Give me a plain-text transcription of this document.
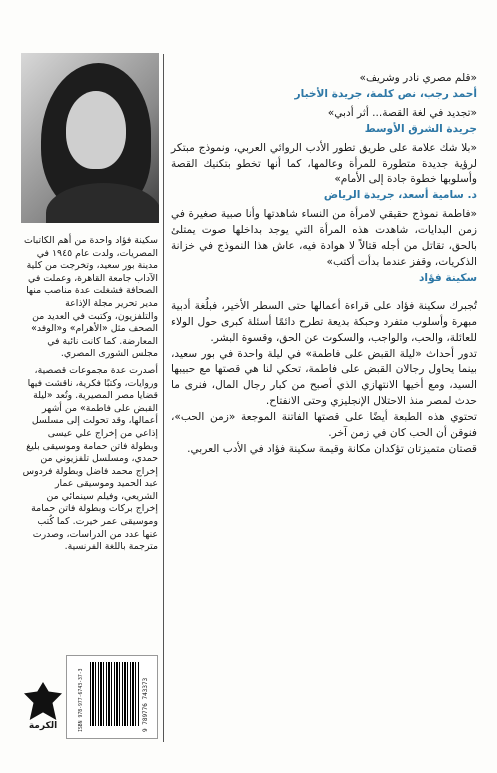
سكينة فؤاد واحدة من أهم الكاتبات المصريات، ولدت عام ١٩٤٥ في مدينة بور سعيد، وتخرجت من كلية الآداب جامعة القاهرة، وعملت في الصحافة فشغلت عدة مناصب منها مدير تحرير مجلة الإذاعة والتلفزيون، وكتبت في العديد من الصحف مثل «الأهرام» و«الوفد» المعارضة. كما كانت نائبة في مجلس الشورى المصري.

أصدرت عدة مجموعات قصصية، وروايات، وكتبًا فكرية، ناقشت فيها قضايا مصر المصيرية. وتُعد «ليلة القبض على فاطمة» من أشهر أعمالها، وقد تحولت إلى مسلسل إذاعي من إخراج علي عيسى وبطولة فاتن حمامة وموسيقى بليغ حمدي، ومسلسل تلفزيوني من إخراج محمد فاضل وبطولة فردوس عبد الحميد وموسيقى عمار الشريعي، وفيلم سينمائي من إخراج بركات وبطولة فاتن حمامة وموسيقى عمر خيرت. كما كُتب عنها عدد من الدراسات، وصدرت مترجمة باللغة الفرنسية.

الكرمة	ISBN 978-977-6743-37-3	9 789776 743373

«قلم مصري نادر وشريف»

أحمد رجب، نص كلمة، جريدة الأخبار

«تجديد في لغة القصة... أثر أدبي»

جريدة الشرق الأوسط

«بلا شك علامة على طريق تطور الأدب الروائي العربي، ونموذج مبتكر لرؤية جديدة متطورة للمرأة وعالمها، كما أنها تخطو بتكنيك القصة وأسلوبها خطوة جادة إلى الأمام»

د. سامية أسعد، جريدة الرياض

«فاطمة نموذج حقيقي لامرأة من النساء شاهدتها وأنا صبية صغيرة في زمن البدايات، شاهدت هذه المرأة التي يوجد بداخلها صوت يمتلئ بالحق، تقاتل من أجله قتالاً لا هوادة فيه، عاش هذا النموذج في خزانة الذكريات، وقفز عندما بدأت أكتب»

سكينة فؤاد

تُجبرك سكينة فؤاد على قراءة أعمالها حتى السطر الأخير، فبلُغة أدبية مبهرة وأسلوب متفرد وحبكة بديعة تطرح دائمًا أسئلة كبرى حول الولاء للعائلة، والحب، والواجب، والسكوت عن الحق، وقسوة البشر.

تدور أحداث «ليلة القبض على فاطمة» في ليلة واحدة في بور سعيد، بينما يحاول رجالان القبض على فاطمة، تحكي لنا هي قصتها مع حبيبها السيد، ومع أخيها الانتهازي الذي أصبح من كبار رجال المال، فنرى ما حدث لمصر منذ الاحتلال الإنجليزي وحتى الانفتاح.

تحتوي هذه الطبعة أيضًا على قصتها الفاتنة الموجعة «زمن الحب»، فنوقن أن الحب كان في زمن آخر.

قصتان متميزتان تؤكدان مكانة وقيمة سكينة فؤاد في الأدب العربي.
